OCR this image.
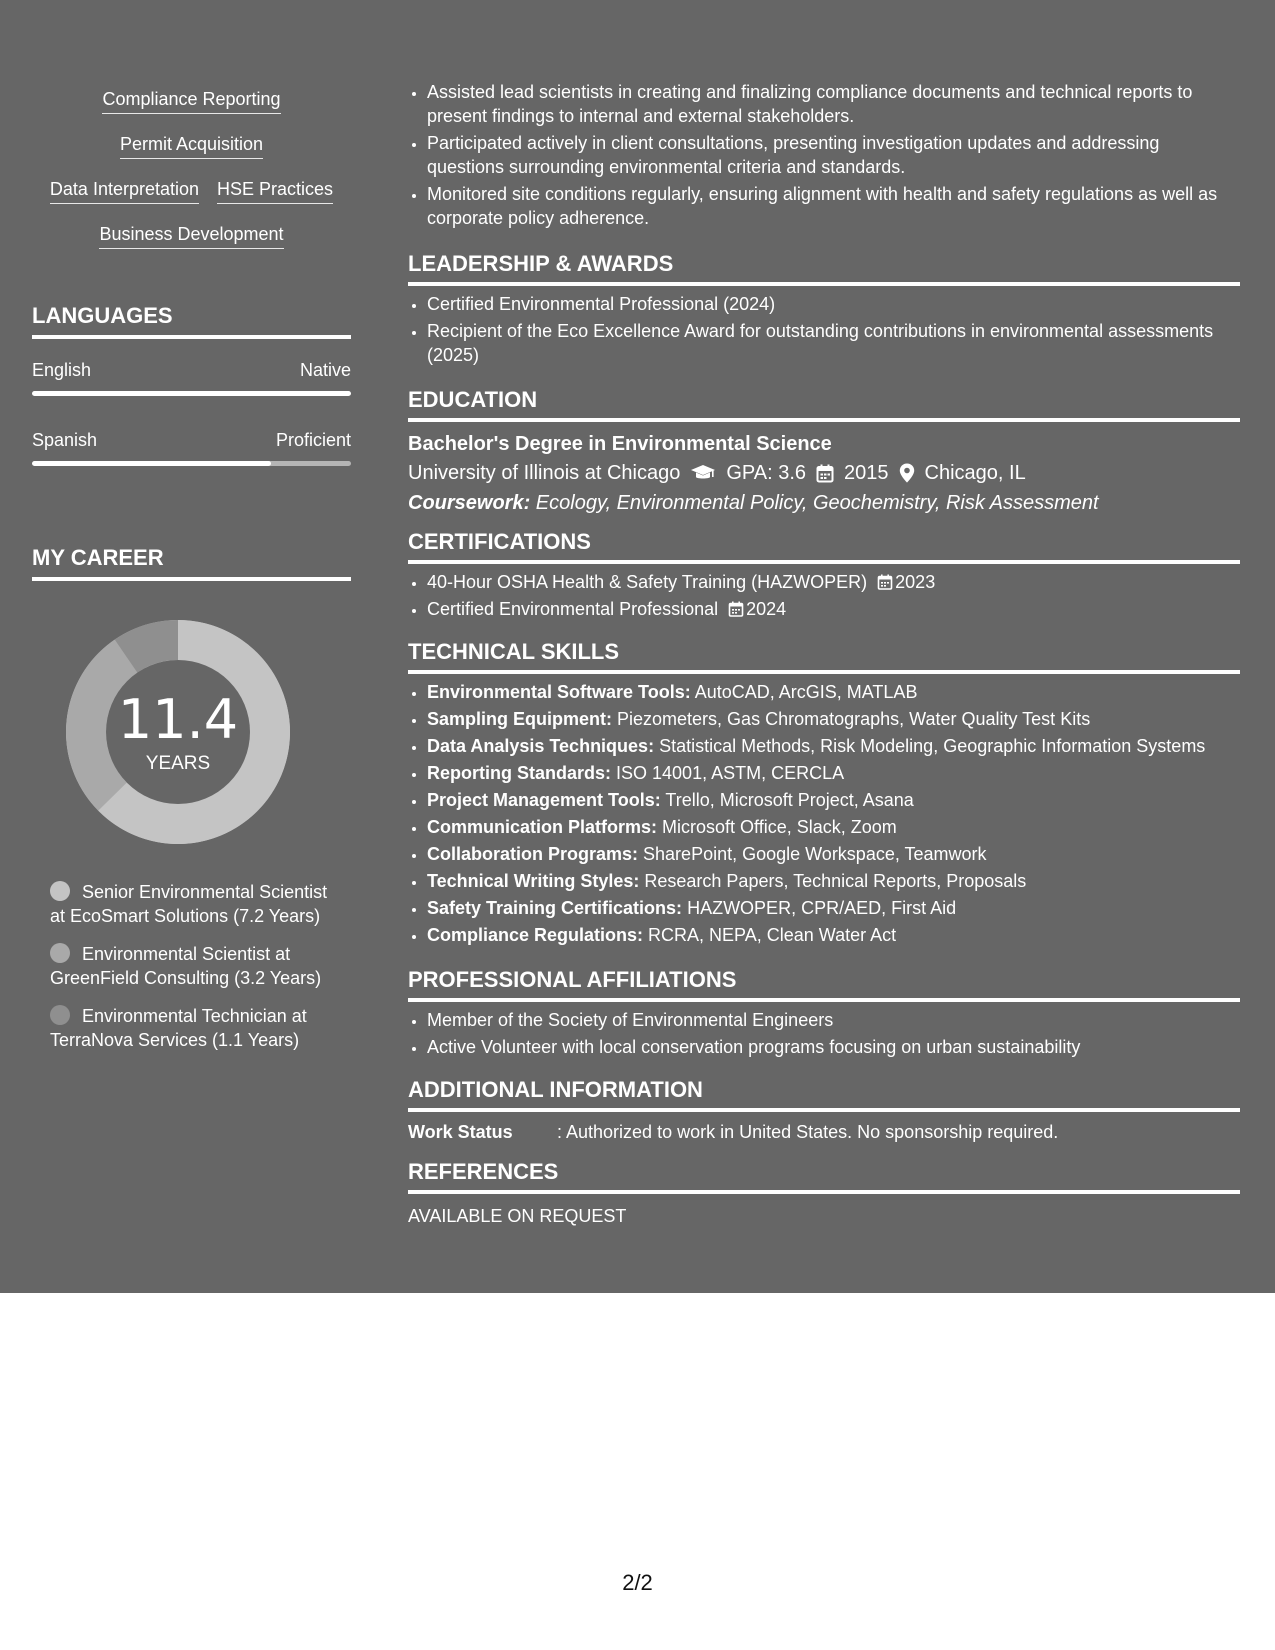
Compliance Reporting
Permit Acquisition
Data Interpretation HSE Practices
Business Development
LANGUAGES
English	Native
Spanish	Proficient
MY CAREER
11.4
YEARS
Senior Environmental Scientist at EcoSmart Solutions (7.2 Years)
Environmental Scientist at GreenField Consulting (3.2 Years)
Environmental Technician at TerraNova Services (1.1 Years)
• Assisted lead scientists in creating and finalizing compliance documents and technical reports to present findings to internal and external stakeholders.
• Participated actively in client consultations, presenting investigation updates and addressing questions surrounding environmental criteria and standards.
• Monitored site conditions regularly, ensuring alignment with health and safety regulations as well as corporate policy adherence.
LEADERSHIP & AWARDS
• Certified Environmental Professional (2024)
• Recipient of the Eco Excellence Award for outstanding contributions in environmental assessments (2025)
EDUCATION
Bachelor's Degree in Environmental Science
University of Illinois at Chicago GPA: 3.6 2015 Chicago, IL
Coursework: Ecology, Environmental Policy, Geochemistry, Risk Assessment
CERTIFICATIONS
• 40-Hour OSHA Health & Safety Training (HAZWOPER) 2023
• Certified Environmental Professional 2024
TECHNICAL SKILLS
• Environmental Software Tools: AutoCAD, ArcGIS, MATLAB
• Sampling Equipment: Piezometers, Gas Chromatographs, Water Quality Test Kits
• Data Analysis Techniques: Statistical Methods, Risk Modeling, Geographic Information Systems
• Reporting Standards: ISO 14001, ASTM, CERCLA
• Project Management Tools: Trello, Microsoft Project, Asana
• Communication Platforms: Microsoft Office, Slack, Zoom
• Collaboration Programs: SharePoint, Google Workspace, Teamwork
• Technical Writing Styles: Research Papers, Technical Reports, Proposals
• Safety Training Certifications: HAZWOPER, CPR/AED, First Aid
• Compliance Regulations: RCRA, NEPA, Clean Water Act
PROFESSIONAL AFFILIATIONS
• Member of the Society of Environmental Engineers
• Active Volunteer with local conservation programs focusing on urban sustainability
ADDITIONAL INFORMATION
Work Status	: Authorized to work in United States. No sponsorship required.
REFERENCES
AVAILABLE ON REQUEST
2/2
